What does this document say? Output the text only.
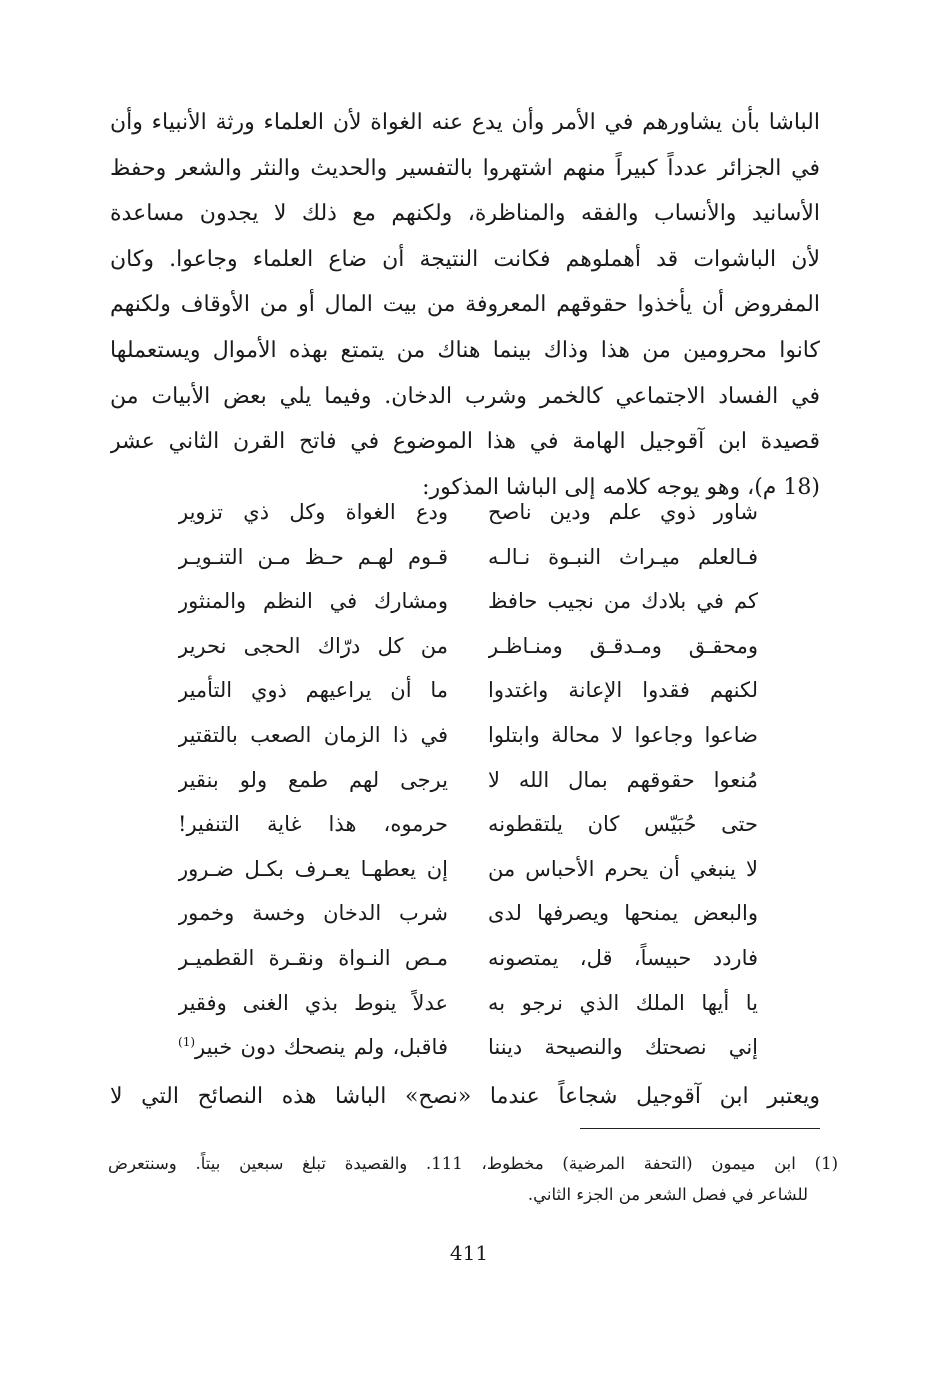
الباشا بأن يشاورهم في الأمر وأن يدع عنه الغواة لأن العلماء ورثة الأنبياء وأن
في الجزائر عدداً كبيراً منهم اشتهروا بالتفسير والحديث والنثر والشعر وحفظ
الأسانيد والأنساب والفقه والمناظرة، ولكنهم مع ذلك لا يجدون مساعدة
لأن الباشوات قد أهملوهم فكانت النتيجة أن ضاع العلماء وجاعوا. وكان
المفروض أن يأخذوا حقوقهم المعروفة من بيت المال أو من الأوقاف ولكنهم
كانوا محرومين من هذا وذاك بينما هناك من يتمتع بهذه الأموال ويستعملها
في الفساد الاجتماعي كالخمر وشرب الدخان. وفيما يلي بعض الأبيات من
قصيدة ابن آقوجيل الهامة في هذا الموضوع في فاتح القرن الثاني عشر
(18 م)، وهو يوجه كلامه إلى الباشا المذكور:
شاور ذوي علم ودين ناصح
ودع الغواة وكل ذي تزوير
فـالعلم ميـراث النبـوة نـالـه
قـوم لهـم حـظ مـن التنـويـر
كم في بلادك من نجيب حافظ
ومشارك في النظم والمنثور
ومحقـق ومـدقـق ومنـاظـر
من كل درّاك الحجى نحرير
لكنهم فقدوا الإعانة واغتدوا
ما أن يراعيهم ذوي التأمير
ضاعوا وجاعوا لا محالة وابتلوا
في ذا الزمان الصعب بالتقتير
مُنعوا حقوقهم بمال الله لا
يرجى لهم طمع ولو بنقير
حتى حُبَيّس كان يلتقطونه
حرموه، هذا غاية التنفير!
لا ينبغي أن يحرم الأحباس من
إن يعطهـا يعـرف بكـل ضـرور
والبعض يمنحها ويصرفها لدى
شرب الدخان وخسة وخمور
فاردد حبيساً، قل، يمتصونه
مـص النـواة ونقـرة القطميـر
يا أيها الملك الذي نرجو به
عدلاً ينوط بذي الغنى وفقير
إني نصحتك والنصيحة ديننا
فاقبل، ولم ينصحك دون خبير$^{(1)}$
ويعتبر ابن آقوجيل شجاعاً عندما «نصح» الباشا هذه النصائح التي لا
(1) ابن ميمون (التحفة المرضية) مخطوط، 111. والقصيدة تبلغ سبعين بيتاً. وسنتعرض
للشاعر في فصل الشعر من الجزء الثاني.
411
